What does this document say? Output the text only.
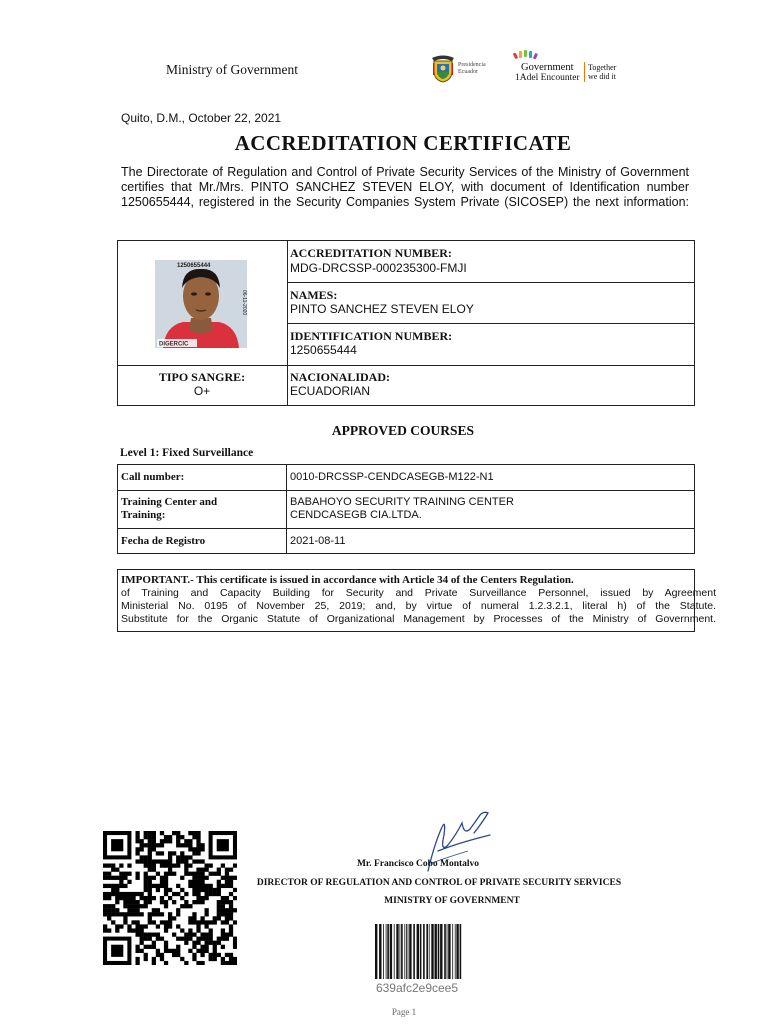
Ministry of Government	Presidencia
Ecuador	Government
1Adel Encounter
Together
we did it
Quito, D.M., October 22, 2021
ACCREDITATION CERTIFICATE
The Directorate of Regulation and Control of Private Security Services of the Ministry of Government certifies that Mr./Mrs. PINTO SANCHEZ STEVEN ELOY, with document of Identification number 1250655444, registered in the Security Companies System Private (SICOSEP) the next information:
ACCREDITATION NUMBER:
MDG-DRCSSP-000235300-FMJI
NAMES:
PINTO SANCHEZ STEVEN ELOY
IDENTIFICATION NUMBER:
1250655444
TIPO SANGRE:
O+
NACIONALIDAD:
ECUADORIAN
1250655444
06-11-2020
DIGERCIC
APPROVED COURSES
Level 1: Fixed Surveillance
Call number:	0010-DRCSSP-CENDCASEGB-M122-N1
Training Center and
Training:
BABAHOYO SECURITY TRAINING CENTER
CENDCASEGB CIA.LTDA.
Fecha de Registro	2021-08-11
IMPORTANT.- This certificate is issued in accordance with Article 34 of the Centers Regulation.
of Training and Capacity Building for Security and Private Surveillance Personnel, issued by Agreement
Ministerial No. 0195 of November 25, 2019; and, by virtue of numeral 1.2.3.2.1, literal h) of the Statute.
Substitute for the Organic Statute of Organizational Management by Processes of the Ministry of Government.
Mr. Francisco Cobo Montalvo
DIRECTOR OF REGULATION AND CONTROL OF PRIVATE SECURITY SERVICES
MINISTRY OF GOVERNMENT
639afc2e9cee5
Page 1
